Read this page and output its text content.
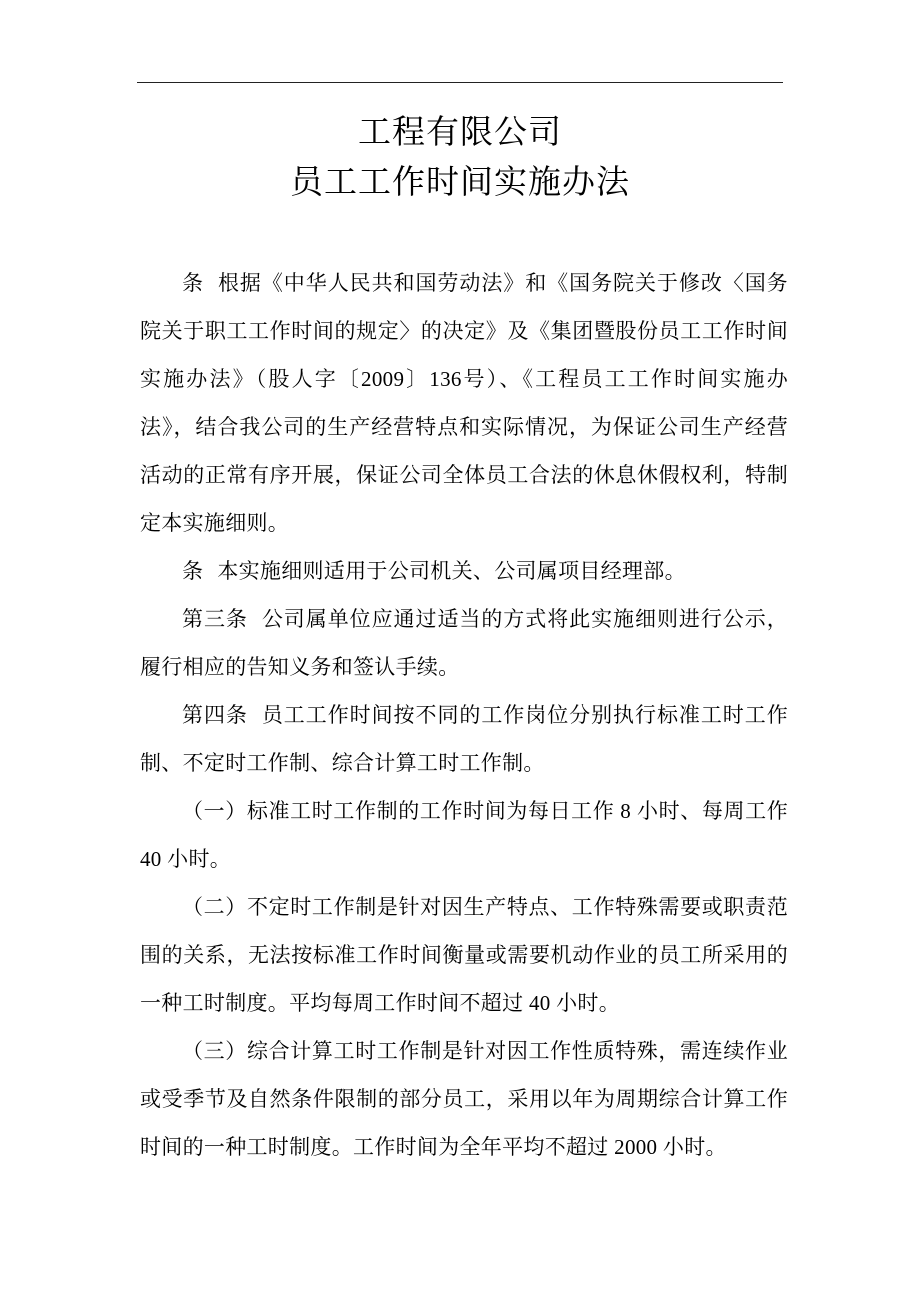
工程有限公司
员工工作时间实施办法

条 根据《中华人民共和国劳动法》和《国务院关于修改〈国务院关于职工工作时间的规定〉的决定》及《集团暨股份员工工作时间实施办法》（股人字〔2009〕136号）、《工程员工工作时间实施办法》，结合我公司的生产经营特点和实际情况，为保证公司生产经营活动的正常有序开展，保证公司全体员工合法的休息休假权利，特制定本实施细则。

条 本实施细则适用于公司机关、公司属项目经理部。

第三条 公司属单位应通过适当的方式将此实施细则进行公示，履行相应的告知义务和签认手续。

第四条 员工工作时间按不同的工作岗位分别执行标准工时工作制、不定时工作制、综合计算工时工作制。

（一）标准工时工作制的工作时间为每日工作 8 小时、每周工作 40 小时。

（二）不定时工作制是针对因生产特点、工作特殊需要或职责范围的关系，无法按标准工作时间衡量或需要机动作业的员工所采用的一种工时制度。平均每周工作时间不超过 40 小时。

（三）综合计算工时工作制是针对因工作性质特殊，需连续作业或受季节及自然条件限制的部分员工，采用以年为周期综合计算工作时间的一种工时制度。工作时间为全年平均不超过 2000 小时。
